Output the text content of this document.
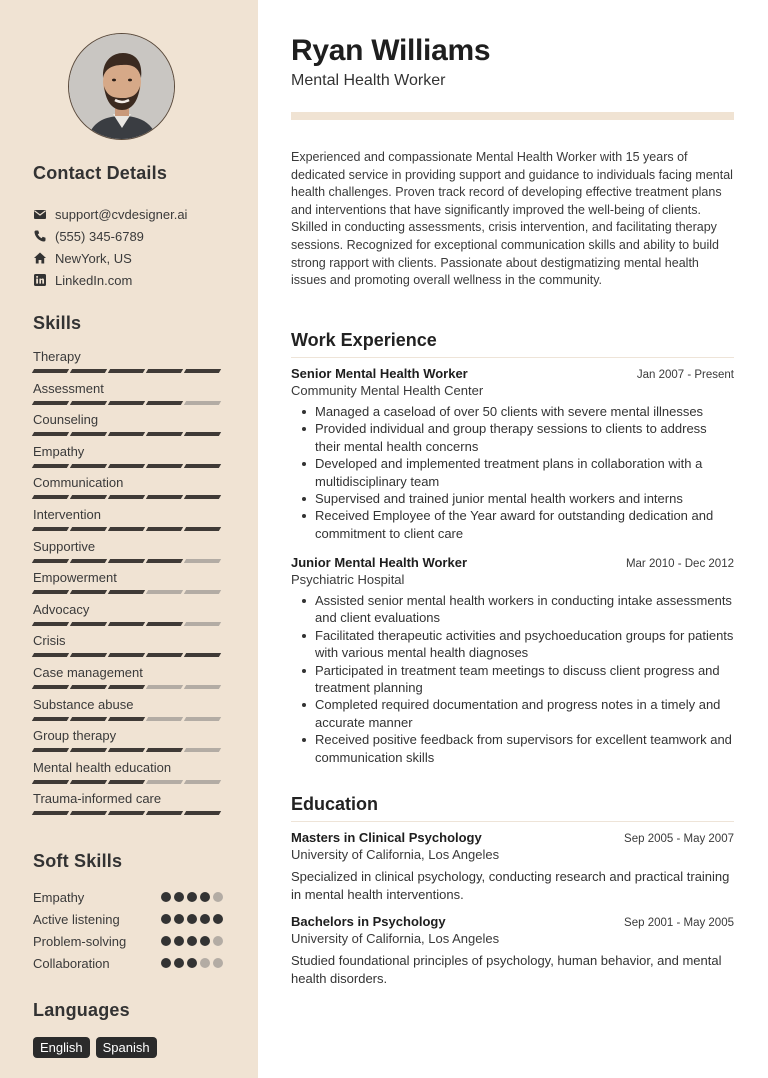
Contact Details
support@cvdesigner.ai
(555) 345-6789
NewYork, US
LinkedIn.com
Skills
Therapy
Assessment
Counseling
Empathy
Communication
Intervention
Supportive
Empowerment
Advocacy
Crisis
Case management
Substance abuse
Group therapy
Mental health education
Trauma-informed care
Soft Skills
Empathy
Active listening
Problem-solving
Collaboration
Languages
English	Spanish
Ryan Williams
Mental Health Worker
Experienced and compassionate Mental Health Worker with 15 years of dedicated service in providing support and guidance to individuals facing mental health challenges. Proven track record of developing effective treatment plans and interventions that have significantly improved the well-being of clients. Skilled in conducting assessments, crisis intervention, and facilitating therapy sessions. Recognized for exceptional communication skills and ability to build strong rapport with clients. Passionate about destigmatizing mental health issues and promoting overall wellness in the community.
Work Experience
Senior Mental Health Worker	Jan 2007 - Present
Community Mental Health Center
Managed a caseload of over 50 clients with severe mental illnesses
Provided individual and group therapy sessions to clients to address their mental health concerns
Developed and implemented treatment plans in collaboration with a multidisciplinary team
Supervised and trained junior mental health workers and interns
Received Employee of the Year award for outstanding dedication and commitment to client care
Junior Mental Health Worker	Mar 2010 - Dec 2012
Psychiatric Hospital
Assisted senior mental health workers in conducting intake assessments and client evaluations
Facilitated therapeutic activities and psychoeducation groups for patients with various mental health diagnoses
Participated in treatment team meetings to discuss client progress and treatment planning
Completed required documentation and progress notes in a timely and accurate manner
Received positive feedback from supervisors for excellent teamwork and communication skills
Education
Masters in Clinical Psychology	Sep 2005 - May 2007
University of California, Los Angeles
Specialized in clinical psychology, conducting research and practical training in mental health interventions.
Bachelors in Psychology	Sep 2001 - May 2005
University of California, Los Angeles
Studied foundational principles of psychology, human behavior, and mental health disorders.
